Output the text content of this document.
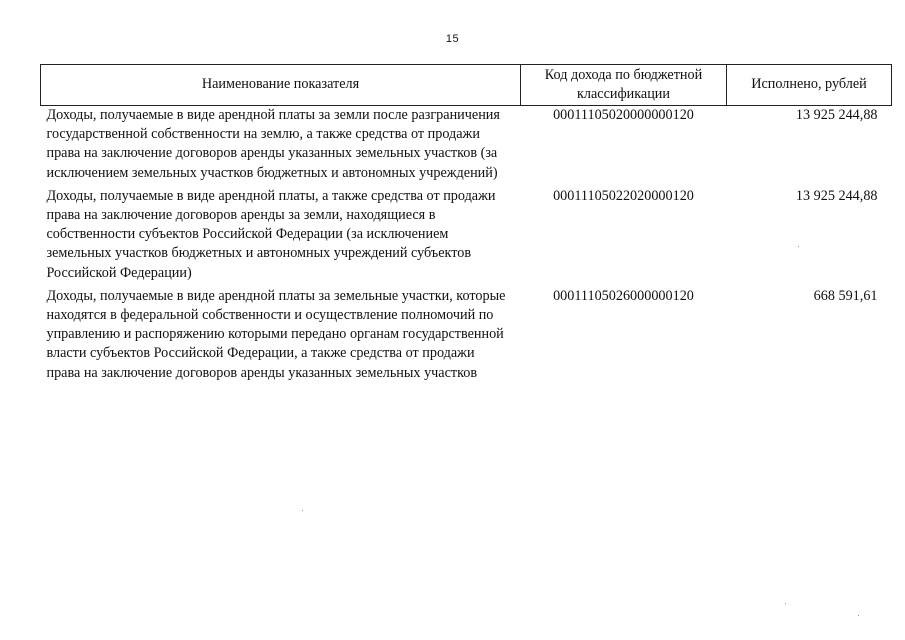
15
Наименование показателя	Код дохода по бюджетной классификации	Исполнено, рублей
Доходы, получаемые в виде арендной платы за земли после разграничения государственной собственности на землю, а также средства от продажи права на заключение договоров аренды указанных земельных участков (за исключением земельных участков бюджетных и автономных учреждений)	00011105020000000120	13 925 244,88
Доходы, получаемые в виде арендной платы, а также средства от продажи права на заключение договоров аренды за земли, находящиеся в собственности субъектов Российской Федерации (за исключением земельных участков бюджетных и автономных учреждений субъектов Российской Федерации)	00011105022020000120	13 925 244,88
Доходы, получаемые в виде арендной платы за земельные участки, которые находятся в федеральной собственности и осуществление полномочий по управлению и распоряжению которыми передано органам государственной власти субъектов Российской Федерации, а также средства от продажи права на заключение договоров аренды указанных земельных участков	00011105026000000120	668 591,61
